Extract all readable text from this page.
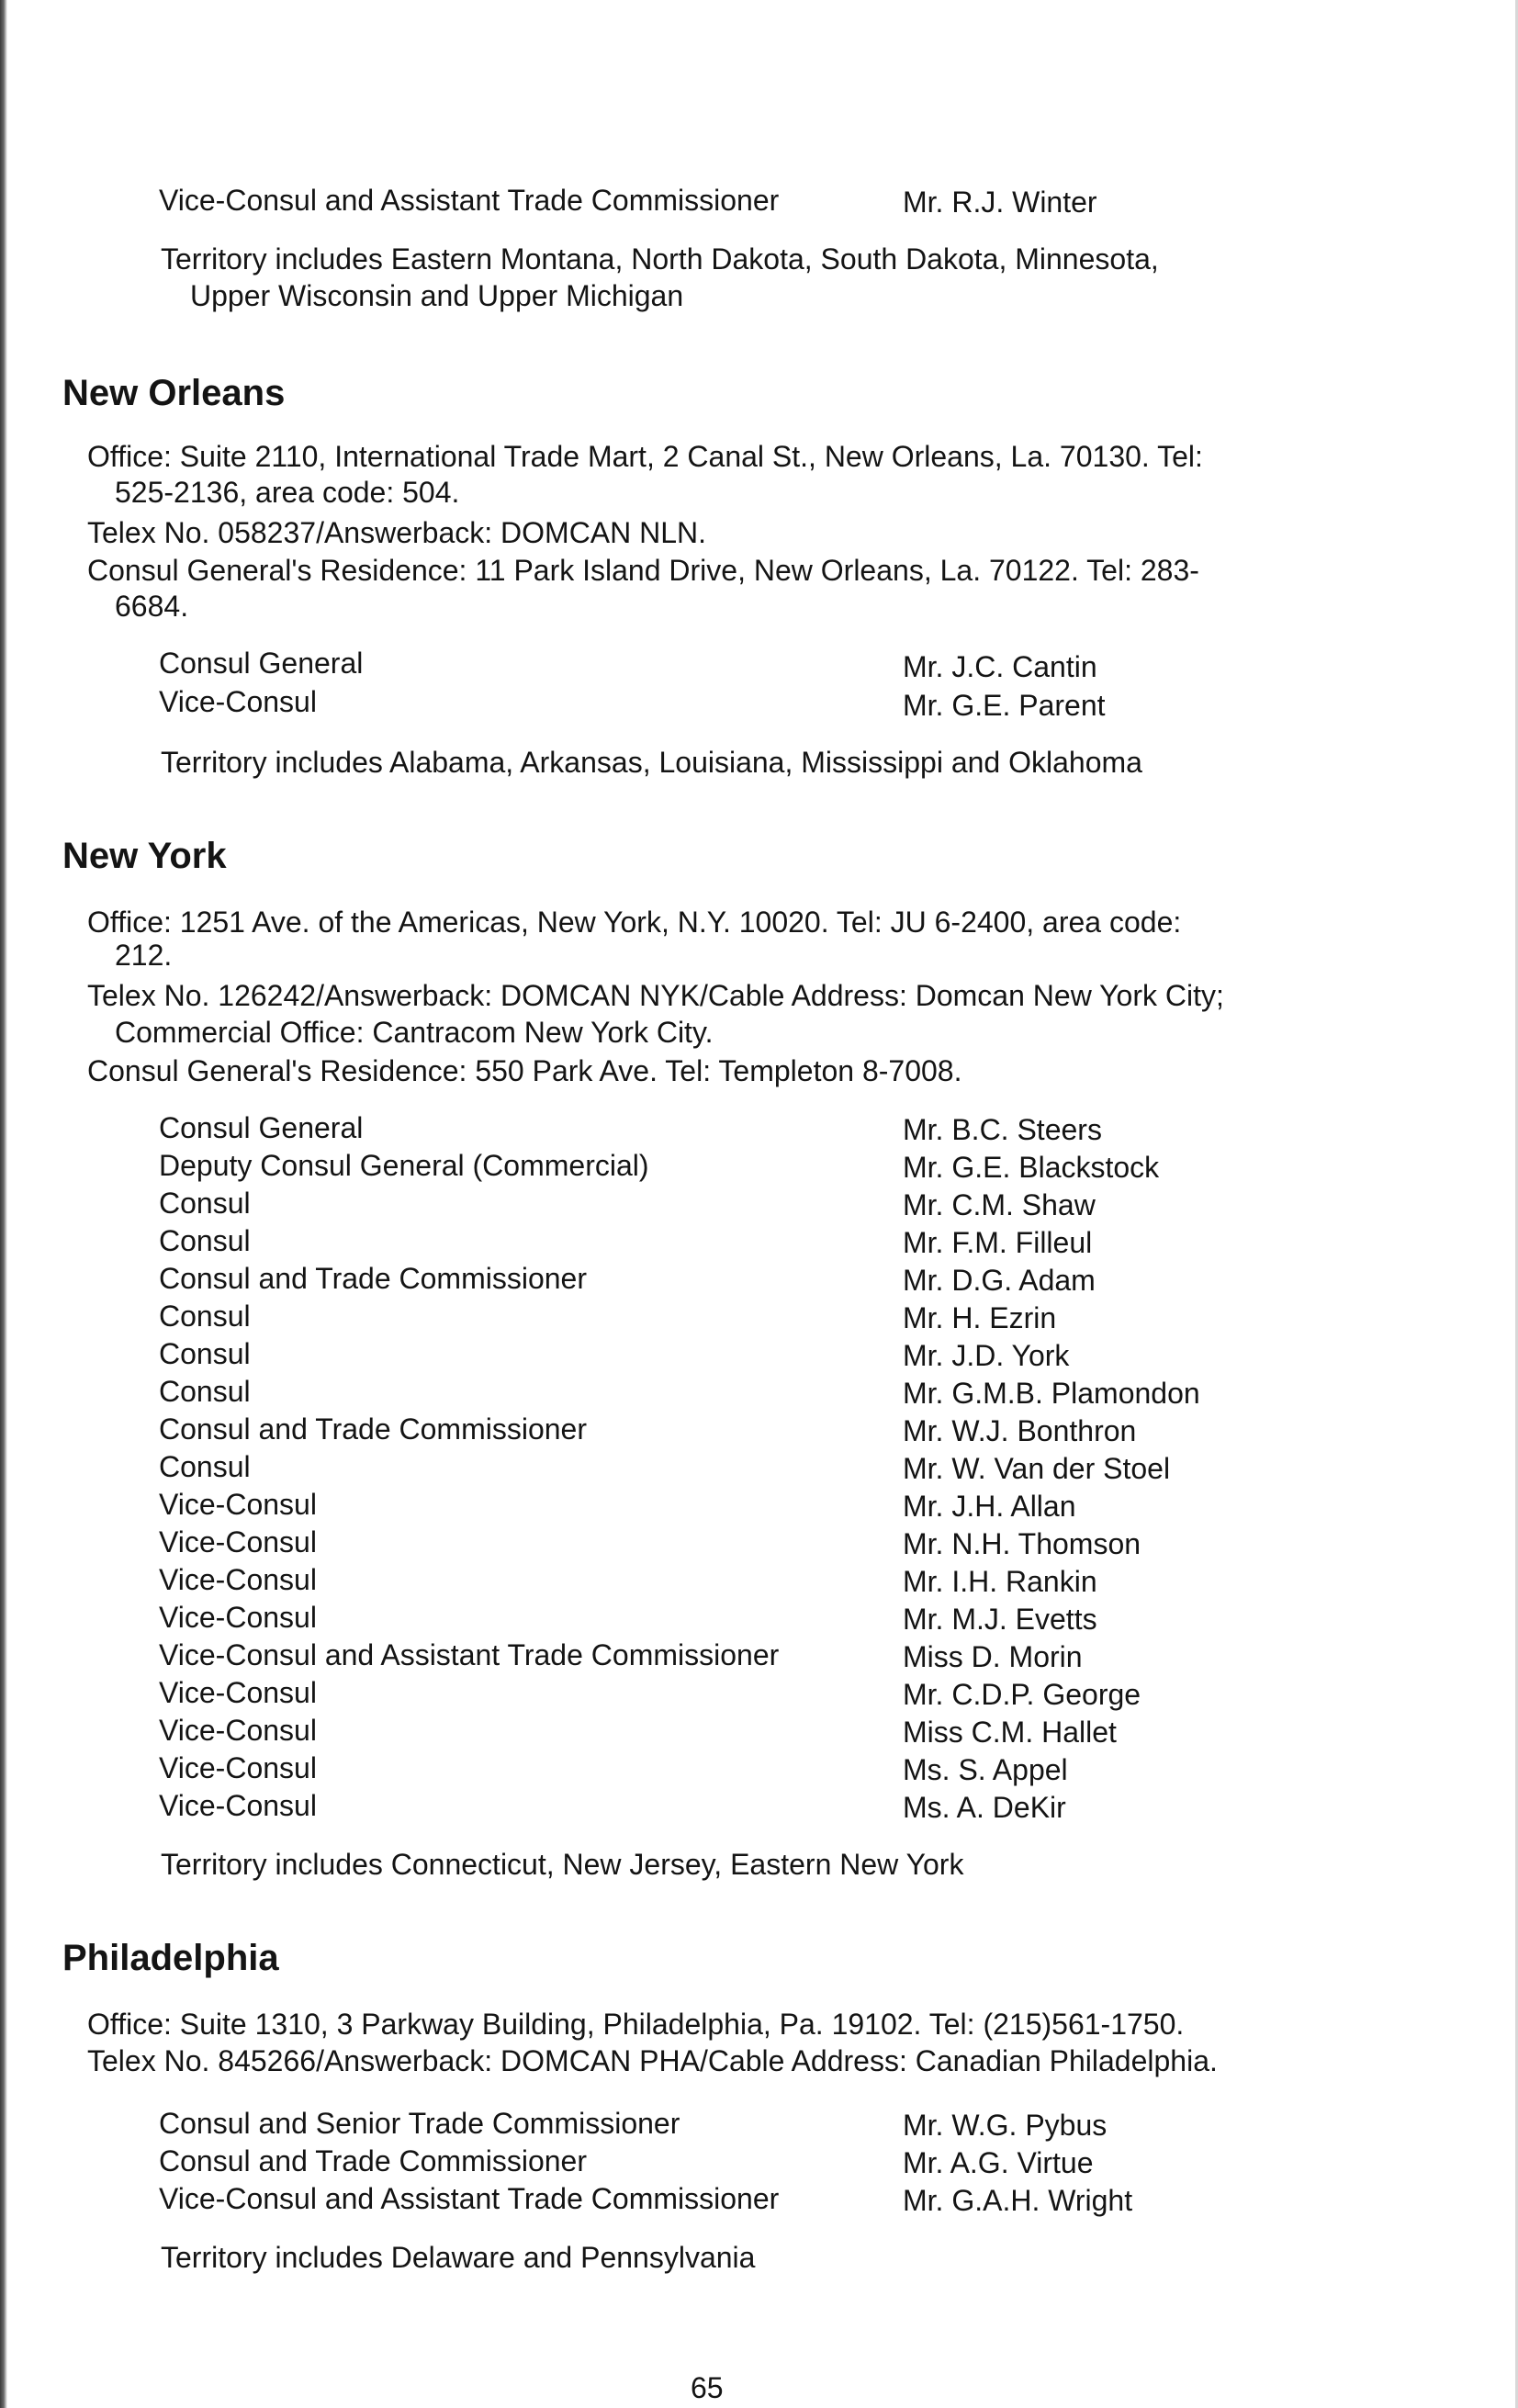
Vice-Consul and Assistant Trade Commissioner	Mr. R.J. Winter
Territory includes Eastern Montana, North Dakota, South Dakota, Minnesota,
Upper Wisconsin and Upper Michigan
New Orleans
Office: Suite 2110, International Trade Mart, 2 Canal St., New Orleans, La. 70130. Tel:
525-2136, area code: 504.
Telex No. 058237/Answerback: DOMCAN NLN.
Consul General's Residence: 11 Park Island Drive, New Orleans, La. 70122. Tel: 283-
6684.
Consul General	Mr. J.C. Cantin
Vice-Consul	Mr. G.E. Parent
Territory includes Alabama, Arkansas, Louisiana, Mississippi and Oklahoma
New York
Office: 1251 Ave. of the Americas, New York, N.Y. 10020. Tel: JU 6-2400, area code:
212.
Telex No. 126242/Answerback: DOMCAN NYK/Cable Address: Domcan New York City;
Commercial Office: Cantracom New York City.
Consul General's Residence: 550 Park Ave. Tel: Templeton 8-7008.
Consul General	Mr. B.C. Steers
Deputy Consul General (Commercial)	Mr. G.E. Blackstock
Consul	Mr. C.M. Shaw
Consul	Mr. F.M. Filleul
Consul and Trade Commissioner	Mr. D.G. Adam
Consul	Mr. H. Ezrin
Consul	Mr. J.D. York
Consul	Mr. G.M.B. Plamondon
Consul and Trade Commissioner	Mr. W.J. Bonthron
Consul	Mr. W. Van der Stoel
Vice-Consul	Mr. J.H. Allan
Vice-Consul	Mr. N.H. Thomson
Vice-Consul	Mr. I.H. Rankin
Vice-Consul	Mr. M.J. Evetts
Vice-Consul and Assistant Trade Commissioner	Miss D. Morin
Vice-Consul	Mr. C.D.P. George
Vice-Consul	Miss C.M. Hallet
Vice-Consul	Ms. S. Appel
Vice-Consul	Ms. A. DeKir
Territory includes Connecticut, New Jersey, Eastern New York
Philadelphia
Office: Suite 1310, 3 Parkway Building, Philadelphia, Pa. 19102. Tel: (215)561-1750.
Telex No. 845266/Answerback: DOMCAN PHA/Cable Address: Canadian Philadelphia.
Consul and Senior Trade Commissioner	Mr. W.G. Pybus
Consul and Trade Commissioner	Mr. A.G. Virtue
Vice-Consul and Assistant Trade Commissioner	Mr. G.A.H. Wright
Territory includes Delaware and Pennsylvania
65
